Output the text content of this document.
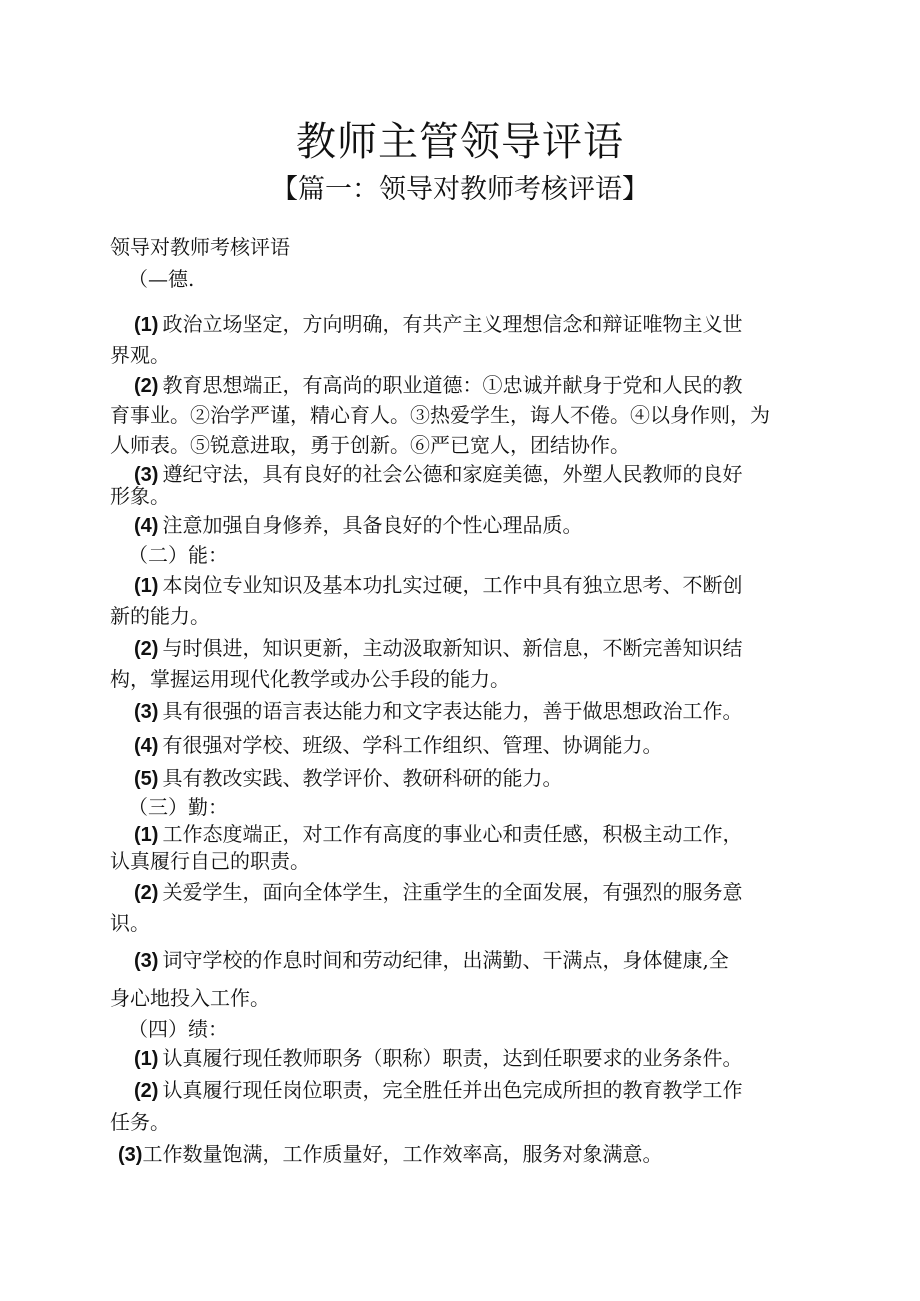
教师主管领导评语
【篇一：领导对教师考核评语】
领导对教师考核评语
（—德.
(1) 政治立场坚定，方向明确，有共产主义理想信念和辩证唯物主义世
界观。
(2) 教育思想端正，有高尚的职业道德：①忠诚并献身于党和人民的教
育事业。②治学严谨，精心育人。③热爱学生，诲人不倦。④以身作则，为
人师表。⑤锐意进取，勇于创新。⑥严已宽人，团结协作。
(3) 遵纪守法，具有良好的社会公德和家庭美德，外塑人民教师的良好
形象。
(4) 注意加强自身修养，具备良好的个性心理品质。
（二）能：
(1) 本岗位专业知识及基本功扎实过硬，工作中具有独立思考、不断创
新的能力。
(2) 与时俱进，知识更新，主动汲取新知识、新信息，不断完善知识结
构，掌握运用现代化教学或办公手段的能力。
(3) 具有很强的语言表达能力和文字表达能力，善于做思想政治工作。
(4) 有很强对学校、班级、学科工作组织、管理、协调能力。
(5) 具有教改实践、教学评价、教研科研的能力。
（三）勤：
(1) 工作态度端正，对工作有高度的事业心和责任感，积极主动工作，
认真履行自己的职责。
(2) 关爱学生，面向全体学生，注重学生的全面发展，有强烈的服务意
识。
(3) 词守学校的作息时间和劳动纪律，出满勤、干满点，身体健康,全
身心地投入工作。
（四）绩：
(1) 认真履行现任教师职务（职称）职责，达到任职要求的业务条件。
(2) 认真履行现任岗位职责，完全胜任并出色完成所担的教育教学工作
任务。
(3)工作数量饱满，工作质量好，工作效率高，服务对象满意。
